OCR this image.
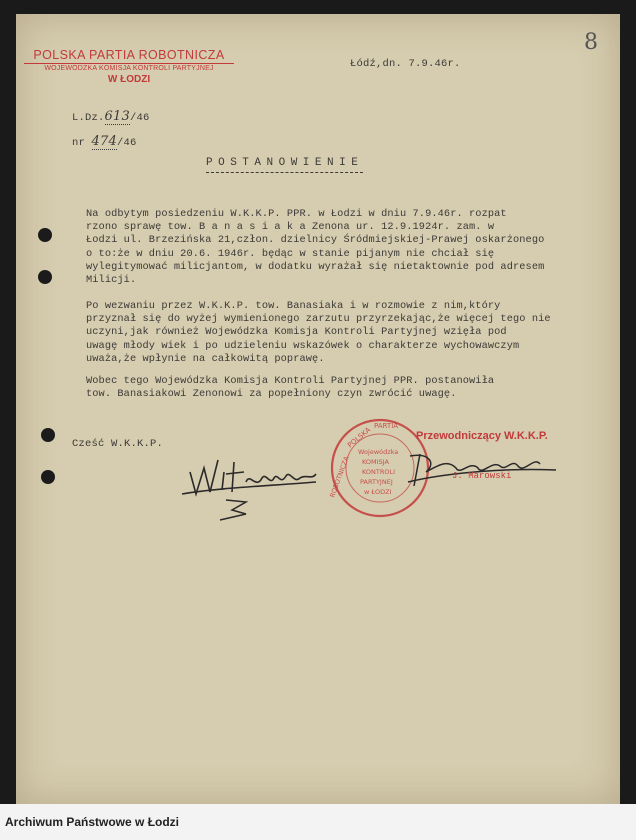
POLSKA PARTIA ROBOTNICZA
WOJEWÓDZKA KOMISJA KONTROLI PARTYJNEJ
W ŁODZI
Łódź,dn. 7.9.46r.
8
L.Dz.613/46
nr 474/46
POSTANOWIENIE
Na odbytym posiedzeniu W.K.K.P. PPR. w Łodzi w dniu 7.9.46r. rozpat
rzono sprawę tow. B a n a s i a k a Zenona ur. 12.9.1924r. zam. w
Łodzi ul. Brzezińska 21,człon. dzielnicy Śródmiejskiej-Prawej oskarżonego
o to:że w dniu 20.6. 1946r. będąc w stanie pijanym nie chciał się
wylegitymować milicjantom, w dodatku wyrażał się nietaktownie pod adresem
Milicji.
Po wezwaniu przez W.K.K.P. tow. Banasiaka i w rozmowie z nim,który
przyznał się do wyżej wymienionego zarzutu przyrzekając,że więcej tego nie
uczyni,jak również Wojewódzka Komisja Kontroli Partyjnej wzięła pod
uwagę młody wiek i po udzieleniu wskazówek o charakterze wychowawczym
uważa,że wpłynie na całkowitą poprawę.
Wobec tego Wojewódzka Komisja Kontroli Partyjnej PPR. postanowiła
tow. Banasiakowi Zenonowi za popełniony czyn zwrócić uwagę.
Cześć W.K.K.P.	POLSKA PARTIA
ROBOTNICZA
Wojewódzka
KOMISJA
KONTROLI
PARTYJNEJ
w ŁODZI
Przewodniczący W.K.K.P.
J. Marowski
Archiwum Państwowe w Łodzi
